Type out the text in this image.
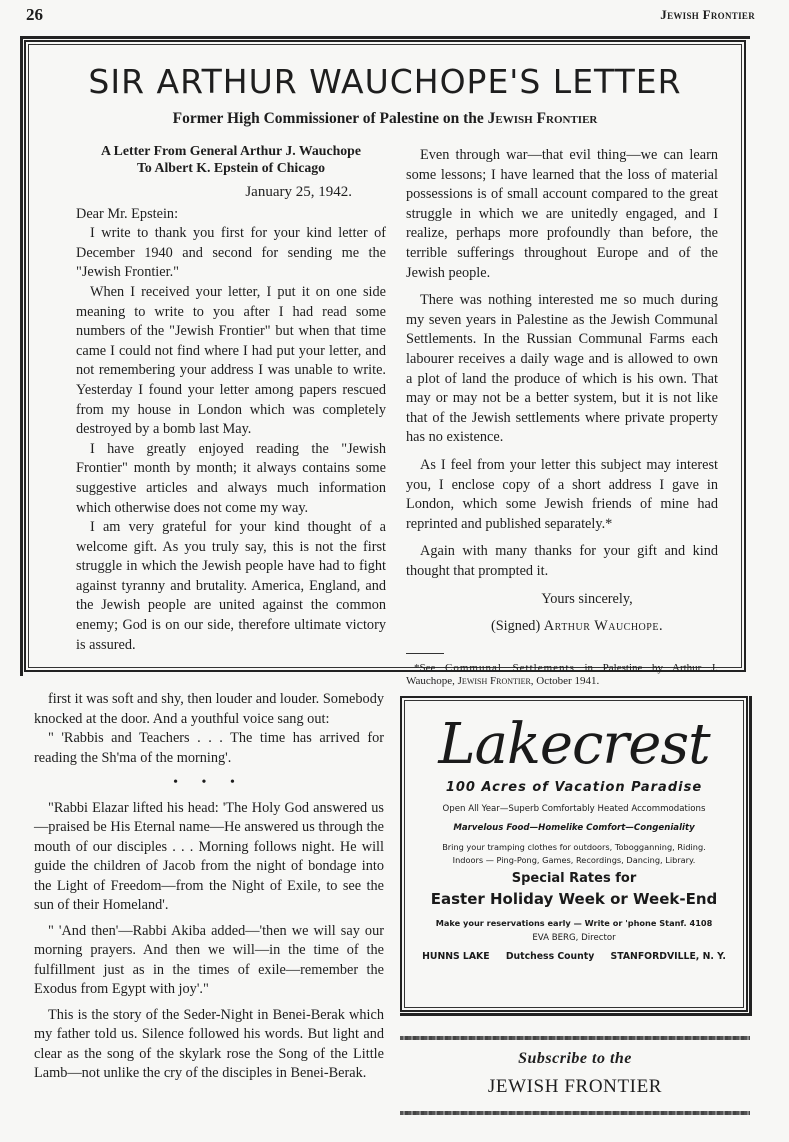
26	Jewish Frontier
SIR ARTHUR WAUCHOPE'S LETTER
Former High Commissioner of Palestine on the Jewish Frontier
A Letter From General Arthur J. Wauchope
To Albert K. Epstein of Chicago
January 25, 1942.

Dear Mr. Epstein:

I write to thank you first for your kind letter of December 1940 and second for sending me the "Jewish Frontier."

When I received your letter, I put it on one side meaning to write to you after I had read some numbers of the "Jewish Frontier" but when that time came I could not find where I had put your letter, and not remembering your address I was unable to write. Yesterday I found your letter among papers rescued from my house in London which was completely destroyed by a bomb last May.

I have greatly enjoyed reading the "Jewish Frontier" month by month; it always contains some suggestive articles and always much information which otherwise does not come my way.

I am very grateful for your kind thought of a welcome gift. As you truly say, this is not the first struggle in which the Jewish people have had to fight against tyranny and brutality. America, England, and the Jewish people are united against the common enemy; God is on our side, therefore ultimate victory is assured.

Even through war—that evil thing—we can learn some lessons; I have learned that the loss of material possessions is of small account compared to the great struggle in which we are unitedly engaged, and I realize, perhaps more profoundly than before, the terrible sufferings throughout Europe and of the Jewish people.

There was nothing interested me so much during my seven years in Palestine as the Jewish Communal Settlements. In the Russian Communal Farms each labourer receives a daily wage and is allowed to own a plot of land the produce of which is his own. That may or may not be a better system, but it is not like that of the Jewish settlements where private property has no existence.

As I feel from your letter this subject may interest you, I enclose copy of a short address I gave in London, which some Jewish friends of mine had reprinted and published separately.*

Again with many thanks for your gift and kind thought that prompted it.

Yours sincerely,
(Signed) Arthur Wauchope.
*See Communal Settlements in Palestine by Arthur J. Wauchope, Jewish Frontier, October 1941.

first it was soft and shy, then louder and louder. Somebody knocked at the door. And a youthful voice sang out:

" 'Rabbis and Teachers . . . The time has arrived for reading the Sh'ma of the morning'.

• • •

"Rabbi Elazar lifted his head: 'The Holy God answered us—praised be His Eternal name—He answered us through the mouth of our disciples . . . Morning follows night. He will guide the children of Jacob from the night of bondage into the Light of Freedom—from the Night of Exile, to see the sun of their Homeland'.

" 'And then'—Rabbi Akiba added—'then we will say our morning prayers. And then we will—in the time of the fulfillment just as in the times of exile—remember the Exodus from Egypt with joy'."

This is the story of the Seder-Night in Benei-Berak which my father told us. Silence followed his words. But light and clear as the song of the skylark rose the Song of the Little Lamb—not unlike the cry of the disciples in Benei-Berak.

Lakecrest
100 Acres of Vacation Paradise
Open All Year—Superb Comfortably Heated Accommodations
Marvelous Food—Homelike Comfort—Congeniality
Bring your tramping clothes for outdoors, Tobogganning, Riding.
Indoors — Ping-Pong, Games, Recordings, Dancing, Library.
Special Rates for
Easter Holiday Week or Week-End
Make your reservations early — Write or 'phone Stanf. 4108
EVA BERG, Director
HUNNS LAKE Dutchess County STANFORDVILLE, N. Y.
Subscribe to the
JEWISH FRONTIER
